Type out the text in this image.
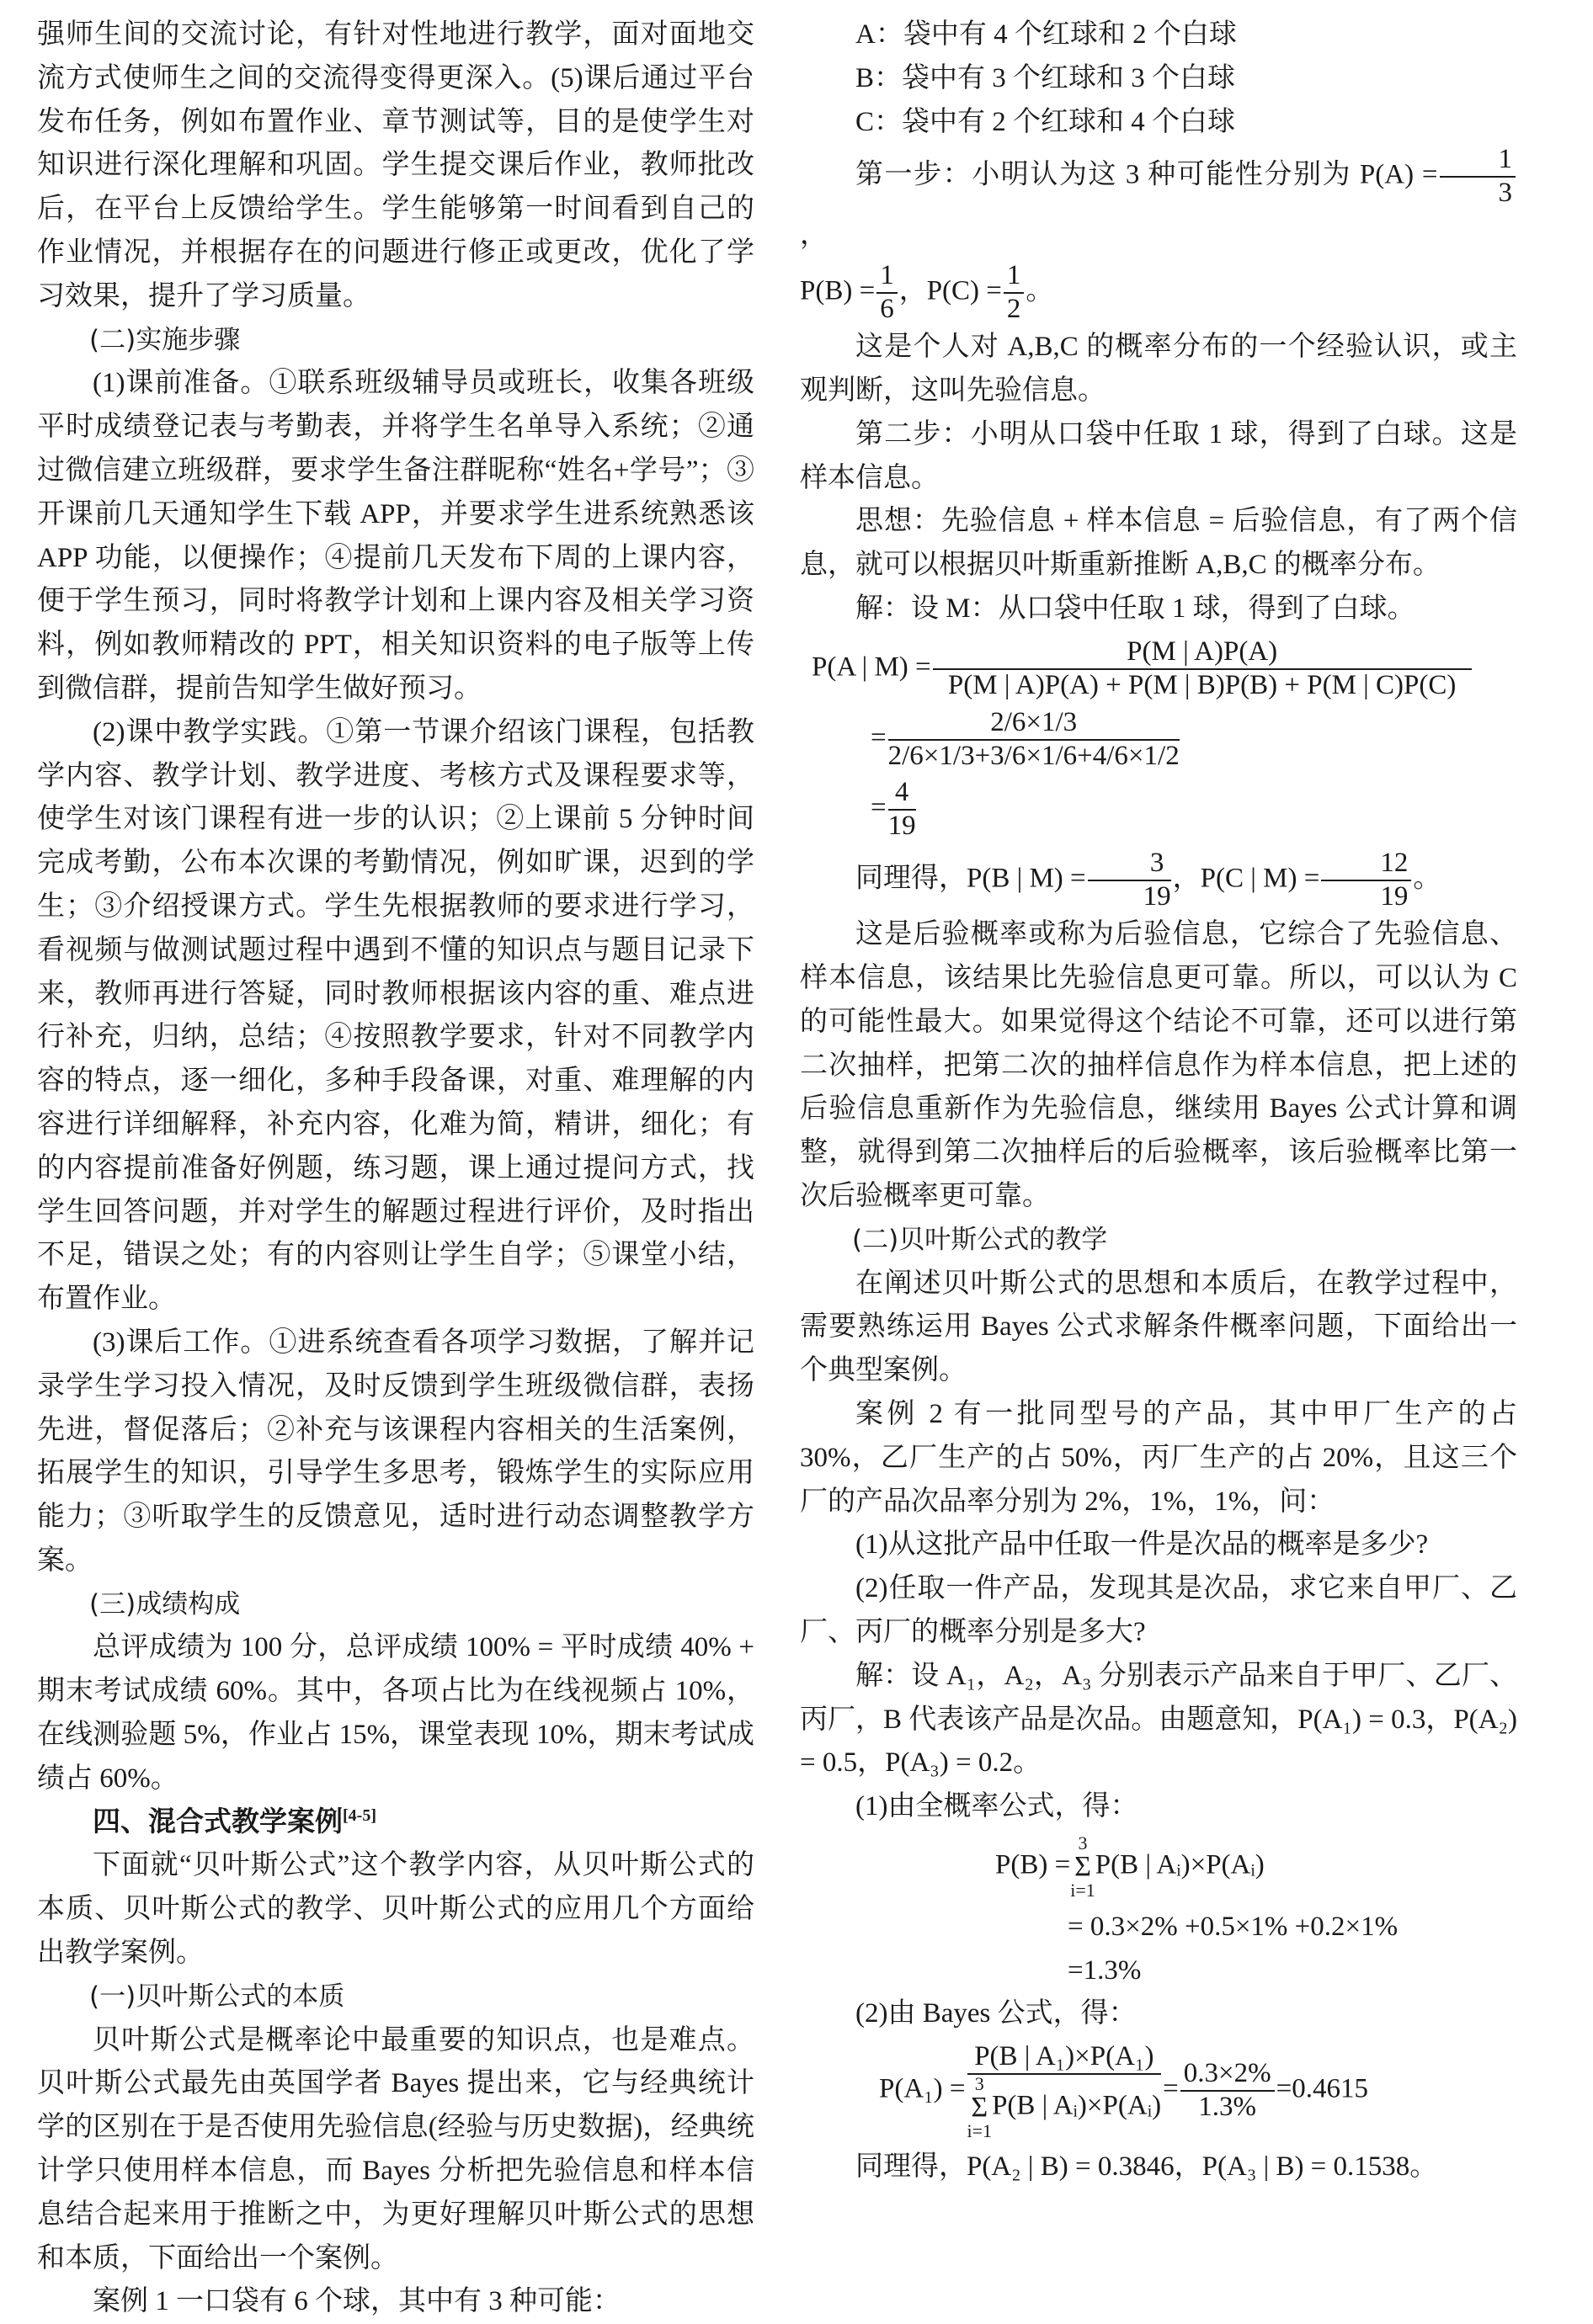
强师生间的交流讨论，有针对性地进行教学，面对面地交流方式使师生之间的交流得变得更深入。(5)课后通过平台发布任务，例如布置作业、章节测试等，目的是使学生对知识进行深化理解和巩固。学生提交课后作业，教师批改后，在平台上反馈给学生。学生能够第一时间看到自己的作业情况，并根据存在的问题进行修正或更改，优化了学习效果，提升了学习质量。

(二)实施步骤

(1)课前准备。①联系班级辅导员或班长，收集各班级平时成绩登记表与考勤表，并将学生名单导入系统；②通过微信建立班级群，要求学生备注群昵称“姓名+学号”；③开课前几天通知学生下载 APP，并要求学生进系统熟悉该 APP 功能，以便操作；④提前几天发布下周的上课内容，便于学生预习，同时将教学计划和上课内容及相关学习资料，例如教师精改的 PPT，相关知识资料的电子版等上传到微信群，提前告知学生做好预习。

(2)课中教学实践。①第一节课介绍该门课程，包括教学内容、教学计划、教学进度、考核方式及课程要求等，使学生对该门课程有进一步的认识；②上课前 5 分钟时间完成考勤，公布本次课的考勤情况，例如旷课，迟到的学生；③介绍授课方式。学生先根据教师的要求进行学习，看视频与做测试题过程中遇到不懂的知识点与题目记录下来，教师再进行答疑，同时教师根据该内容的重、难点进行补充，归纳，总结；④按照教学要求，针对不同教学内容的特点，逐一细化，多种手段备课，对重、难理解的内容进行详细解释，补充内容，化难为简，精讲，细化；有的内容提前准备好例题，练习题，课上通过提问方式，找学生回答问题，并对学生的解题过程进行评价，及时指出不足，错误之处；有的内容则让学生自学；⑤课堂小结，布置作业。

(3)课后工作。①进系统查看各项学习数据，了解并记录学生学习投入情况，及时反馈到学生班级微信群，表扬先进，督促落后；②补充与该课程内容相关的生活案例，拓展学生的知识，引导学生多思考，锻炼学生的实际应用能力；③听取学生的反馈意见，适时进行动态调整教学方案。

(三)成绩构成

总评成绩为 100 分，总评成绩 100% = 平时成绩 40% + 期末考试成绩 60%。其中，各项占比为在线视频占 10%，在线测验题 5%，作业占 15%，课堂表现 10%，期末考试成绩占 60%。

四、混合式教学案例[4-5]

下面就“贝叶斯公式”这个教学内容，从贝叶斯公式的本质、贝叶斯公式的教学、贝叶斯公式的应用几个方面给出教学案例。

(一)贝叶斯公式的本质

贝叶斯公式是概率论中最重要的知识点，也是难点。贝叶斯公式最先由英国学者 Bayes 提出来，它与经典统计学的区别在于是否使用先验信息(经验与历史数据)，经典统计学只使用样本信息，而 Bayes 分析把先验信息和样本信息结合起来用于推断之中，为更好理解贝叶斯公式的思想和本质，下面给出一个案例。

案例 1 一口袋有 6 个球，其中有 3 种可能：

A：袋中有 4 个红球和 2 个白球

B：袋中有 3 个红球和 3 个白球

C：袋中有 2 个红球和 4 个白球

第一步：小明认为这 3 种可能性分别为 $P(A) = \frac{1}{3}$
，

$P(B) = \frac{1}{6}$ ，$P(C) = \frac{1}{2}$ 。

这是个人对 A,B,C 的概率分布的一个经验认识，或主观判断，这叫先验信息。

第二步：小明从口袋中任取 1 球，得到了白球。这是样本信息。

思想：先验信息 + 样本信息 = 后验信息，有了两个信息，就可以根据贝叶斯重新推断 A,B,C 的概率分布。

解：设 M：从口袋中任取 1 球，得到了白球。

P(A | $M) = \frac{P(M | A)P(A)}{P(M | A)P(A) + P(M | B)P(B) + P(M | C)P(C)}$
= $\frac{2/6\times 1/3}{2/6\times 1/3+3/6\times 1/6+4/6\times 1/2}$
= $\frac{4}{19}$

同理得，P(B | $M) = \frac{3}{19}$ ，P(C | $M) = \frac{12}{19}$ 。

这是后验概率或称为后验信息，它综合了先验信息、样本信息，该结果比先验信息更可靠。所以，可以认为 C 的可能性最大。如果觉得这个结论不可靠，还可以进行第二次抽样，把第二次的抽样信息作为样本信息，把上述的后验信息重新作为先验信息，继续用 Bayes 公式计算和调整，就得到第二次抽样后的后验概率，该后验概率比第一次后验概率更可靠。

(二)贝叶斯公式的教学

在阐述贝叶斯公式的思想和本质后，在教学过程中，需要熟练运用 Bayes 公式求解条件概率问题，下面给出一个典型案例。

案例 2 有一批同型号的产品，其中甲厂生产的占 30%，乙厂生产的占 50%，丙厂生产的占 20%，且这三个厂的产品次品率分别为 2%，1%，1%，问：

(1)从这批产品中任取一件是次品的概率是多少?

(2)任取一件产品，发现其是次品，求它来自甲厂、乙厂、丙厂的概率分别是多大?

解：设 A₁，A₂，A₃ 分别表示产品来自于甲厂、乙厂、丙厂，B 代表该产品是次品。由题意知，P(A₁) = 0.3，P(A₂) = 0.5，P(A₃) = 0.2。

(1)由全概率公式，得：

P(B) =3
Σ
i=1P(B | Aᵢ)×P(Aᵢ)
= 0.3×2% +0.5×1% +0.2×1%
=1.3%

(2)由 Bayes 公式，得：

P(A₁) = P(B | A₁)×P(A₁)
3
Σ
i=1P(B | Aᵢ)×P(Aᵢ) = $\frac{0.3\times 2\%}{1.3\%} =0.4615$

同理得，P(A₂ | B) = 0.3846，P(A₃ | B) = 0.1538。
